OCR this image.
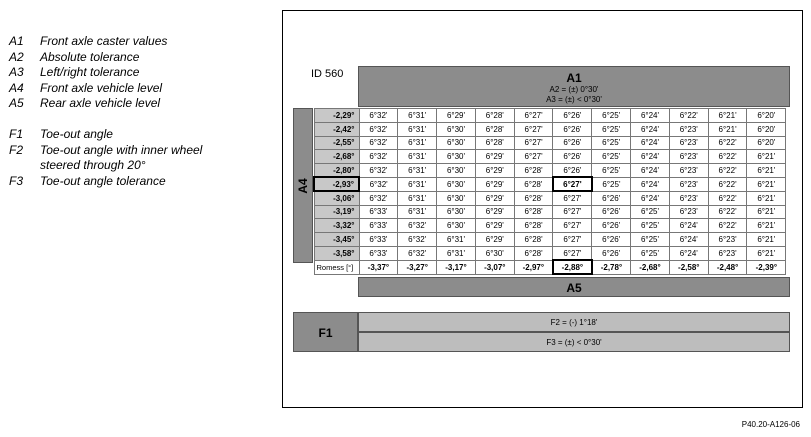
A1	Front axle caster values
A2	Absolute tolerance
A3	Left/right tolerance
A4	Front axle vehicle level
A5	Rear axle vehicle level
F1	Toe-out angle
F2	Toe-out angle with inner wheel steered through 20°
F3	Toe-out angle tolerance
ID 560	A1
A2 = (±) 0°30'
A3 = (±) < 0°30'
A4
-2,29°	6°32'	6°31'	6°29'	6°28'	6°27'	6°26'	6°25'	6°24'	6°22'	6°21'	6°20'
-2,42°	6°32'	6°31'	6°30'	6°28'	6°27'	6°26'	6°25'	6°24'	6°23'	6°21'	6°20'
-2,55°	6°32'	6°31'	6°30'	6°28'	6°27'	6°26'	6°25'	6°24'	6°23'	6°22'	6°20'
-2,68°	6°32'	6°31'	6°30'	6°29'	6°27'	6°26'	6°25'	6°24'	6°23'	6°22'	6°21'
-2,80°	6°32'	6°31'	6°30'	6°29'	6°28'	6°26'	6°25'	6°24'	6°23'	6°22'	6°21'
-2,93°	6°32'	6°31'	6°30'	6°29'	6°28'	6°27'	6°25'	6°24'	6°23'	6°22'	6°21'
-3,06°	6°32'	6°31'	6°30'	6°29'	6°28'	6°27'	6°26'	6°24'	6°23'	6°22'	6°21'
-3,19°	6°33'	6°31'	6°30'	6°29'	6°28'	6°27'	6°26'	6°25'	6°23'	6°22'	6°21'
-3,32°	6°33'	6°32'	6°30'	6°29'	6°28'	6°27'	6°26'	6°25'	6°24'	6°22'	6°21'
-3,45°	6°33'	6°32'	6°31'	6°29'	6°28'	6°27'	6°26'	6°25'	6°24'	6°23'	6°21'
-3,58°	6°33'	6°32'	6°31'	6°30'	6°28'	6°27'	6°26'	6°25'	6°24'	6°23'	6°21'
Romess [°]	-3,37°	-3,27°	-3,17°	-3,07°	-2,97°	-2,88°	-2,78°	-2,68°	-2,58°	-2,48°	-2,39°
A5
F1
F2 = (-) 1°18'
F3 = (±) < 0°30'
P40.20-A126-06
